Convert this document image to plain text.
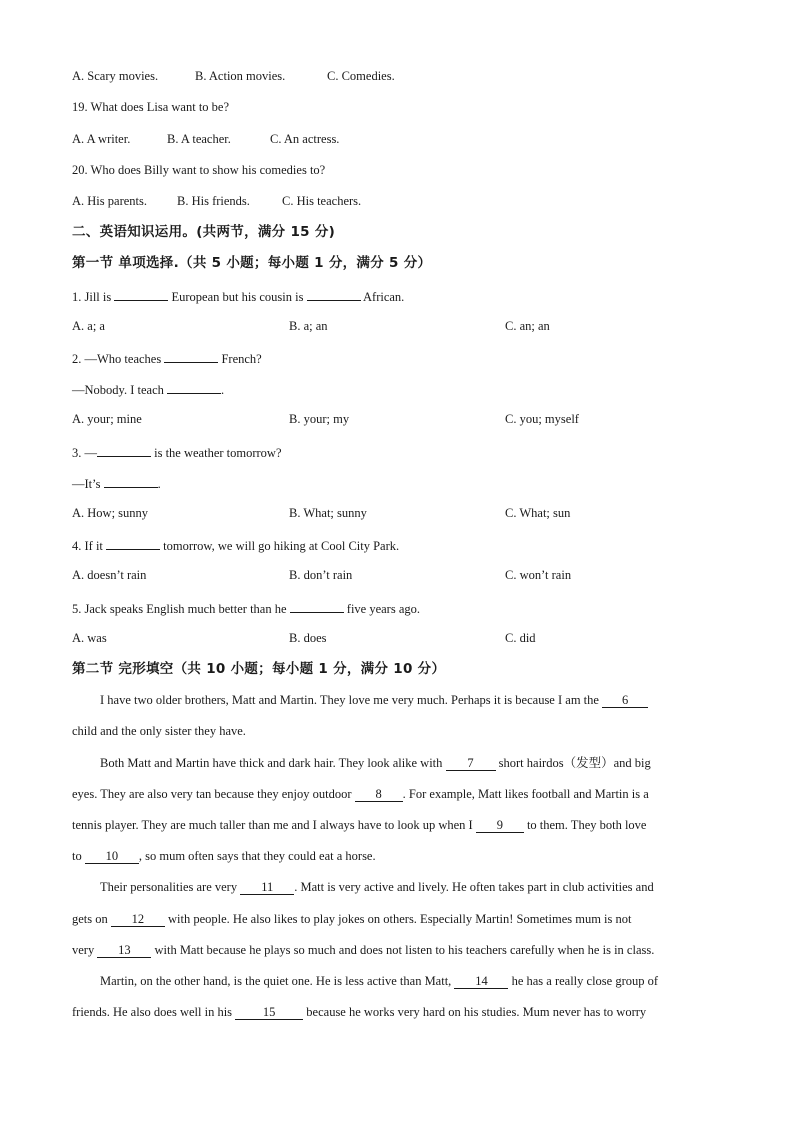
A. Scary movies.	B. Action movies.	C. Comedies.
19. What does Lisa want to be?
A. A writer.	B. A teacher.	C. An actress.
20. Who does Billy want to show his comedies to?
A. His parents. B. His friends.	C. His teachers.
二、英语知识运用。(共两节，满分 15 分)
第一节 单项选择.（共 5 小题；每小题 1 分，满分 5 分）
1. Jill is	European but his cousin is	African.
A. a; a	B. a; an	C. an; an
2. —Who teaches	French?
—Nobody. I teach	.
A. your; mine	B. your; my	C. you; myself
3. —	is the weather tomorrow?
—It’s	.
A. How; sunny	B. What; sunny	C. What; sun
4. If it	tomorrow, we will go hiking at Cool City Park.
A. doesn’t rain	B. don’t rain	C. won’t rain
5. Jack speaks English much better than he	five years ago.
A. was	B. does	C. did
第二节 完形填空（共 10 小题；每小题 1 分，满分 10 分）
I have two older brothers, Matt and Martin. They love me very much. Perhaps it is because I am the 6
child and the only sister they have.
Both Matt and Martin have thick and dark hair. They look alike with 7 short hairdos（发型）and big
eyes. They are also very tan because they enjoy outdoor 8 . For example, Matt likes football and Martin is a
tennis player. They are much taller than me and I always have to look up when I 9 to them. They both love
to 10 , so mum often says that they could eat a horse.
Their personalities are very 11 . Matt is very active and lively. He often takes part in club activities and
gets on 12 with people. He also likes to play jokes on others. Especially Martin! Sometimes mum is not
very 13 with Matt because he plays so much and does not listen to his teachers carefully when he is in class.
Martin, on the other hand, is the quiet one. He is less active than Matt, 14 he has a really close group of
friends. He also does well in his 15 because he works very hard on his studies. Mum never has to worry
